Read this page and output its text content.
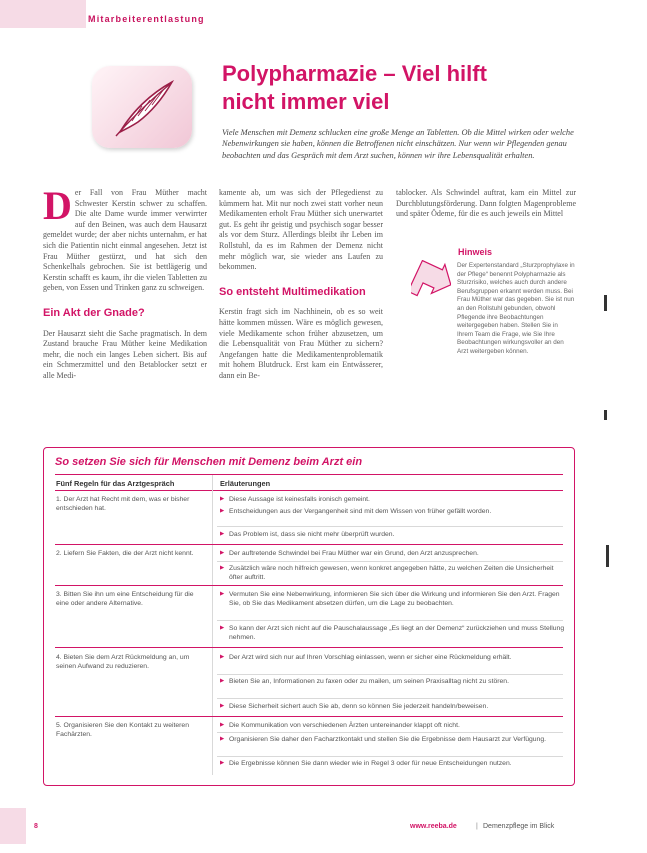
Mitarbeiterentlastung
Polypharmazie – Viel hilft
nicht immer viel
Viele Menschen mit Demenz schlucken eine große Menge an Tabletten. Ob die Mittel wirken oder welche Nebenwirkungen sie haben, können die Betroffenen nicht einschätzen. Nur wenn wir Pflegenden genau beobachten und das Gespräch mit dem Arzt suchen, können wir ihre Lebensqualität erhalten.
D er Fall von Frau Müther macht Schwester Kerstin schwer zu schaffen. Die alte Dame wurde immer verwirrter auf den Beinen, was auch dem Hausarzt gemeldet wurde; der aber nichts unternahm, er hat sich die Patientin nicht einmal angesehen. Jetzt ist Frau Müther gestürzt, und hat sich den Schenkelhals gebrochen. Sie ist bettlägerig und Kerstin schafft es kaum, ihr die vielen Tabletten zu geben, von Essen und Trinken ganz zu schweigen.
Ein Akt der Gnade?
Der Hausarzt sieht die Sache pragmatisch. In dem Zustand brauche Frau Müther keine Medikation mehr, die noch ein langes Leben sichert. Bis auf ein Schmerzmittel und den Betablocker setzt er alle Medi-
kamente ab, um was sich der Pflegedienst zu kümmern hat. Mit nur noch zwei statt vorher neun Medikamenten erholt Frau Müther sich unerwartet gut. Es geht ihr geistig und psychisch sogar besser als vor dem Sturz. Allerdings bleibt ihr Leben im Rollstuhl, da es im Rahmen der Demenz nicht mehr möglich war, sie wieder ans Laufen zu bekommen.
So entsteht Multimedikation
Kerstin fragt sich im Nachhinein, ob es so weit hätte kommen müssen. Wäre es möglich gewesen, viele Medikamente schon früher abzusetzen, um die Lebensqualität von Frau Müther zu sichern? Angefangen hatte die Medikamentenproblematik mit hohem Blutdruck. Erst kam ein Entwässerer, dann ein Be-
tablocker. Als Schwindel auftrat, kam ein Mittel zur Durchblutungsförderung. Dann folgten Magenprobleme und später Ödeme, für die es auch jeweils ein Mittel
Hinweis
Der Expertenstandard „Sturzprophylaxe in der Pflege“ benennt Polypharmazie als Sturzrisiko, welches auch durch andere Berufsgruppen erkannt werden muss. Bei Frau Müther war das gegeben. Sie ist nun an den Rollstuhl gebunden, obwohl Pflegende ihre Beobachtungen weitergegeben haben. Stellen Sie in Ihrem Team die Frage, wie Sie Ihre Beobachtungen wirkungsvoller an den Arzt weitergeben können.
So setzen Sie sich für Menschen mit Demenz beim Arzt ein
Fünf Regeln für das Arztgespräch	Erläuterungen
1. Der Arzt hat Recht mit dem, was er bisher entschieden hat.
▶ Diese Aussage ist keinesfalls ironisch gemeint.
▶ Entscheidungen aus der Vergangenheit sind mit dem Wissen von früher gefällt worden.
▶ Das Problem ist, dass sie nicht mehr überprüft wurden.
2. Liefern Sie Fakten, die der Arzt nicht kennt.
▶	Der auftretende Schwindel bei Frau Müther war ein Grund, den Arzt anzusprechen.
▶ Zusätzlich wäre noch hilfreich gewesen, wenn konkret angegeben hätte, zu welchen Zeiten die Unsicherheit öfter auftritt.
3. Bitten Sie ihn um eine Entscheidung für die eine oder andere Alternative.
▶ Vermuten Sie eine Nebenwirkung, informieren Sie sich über die Wirkung und informieren Sie den Arzt. Fragen Sie, ob Sie das Medikament absetzen dürfen, um die Lage zu beobachten.
▶ So kann der Arzt sich nicht auf die Pauschalaussage „Es liegt an der Demenz“ zurückziehen und muss Stellung nehmen.
4. Bieten Sie dem Arzt Rückmeldung an, um seinen Aufwand zu reduzieren.
▶ Der Arzt wird sich nur auf Ihren Vorschlag einlassen, wenn er sicher eine Rückmeldung erhält.
▶ Bieten Sie an, Informationen zu faxen oder zu mailen, um seinen Praxisalltag nicht zu stören.
▶ Diese Sicherheit sichert auch Sie ab, denn so können Sie jederzeit handeln/beweisen.
5. Organisieren Sie den Kontakt zu weiteren Fachärzten.
▶ Die Kommunikation von verschiedenen Ärzten untereinander klappt oft nicht.
▶ Organisieren Sie daher den Facharztkontakt und stellen Sie die Ergebnisse dem Hausarzt zur Verfügung.
▶ Die Ergebnisse können Sie dann wieder wie in Regel 3 oder für neue Entscheidungen nutzen.
8	www.reeba.de	| Demenzpflege im Blick
